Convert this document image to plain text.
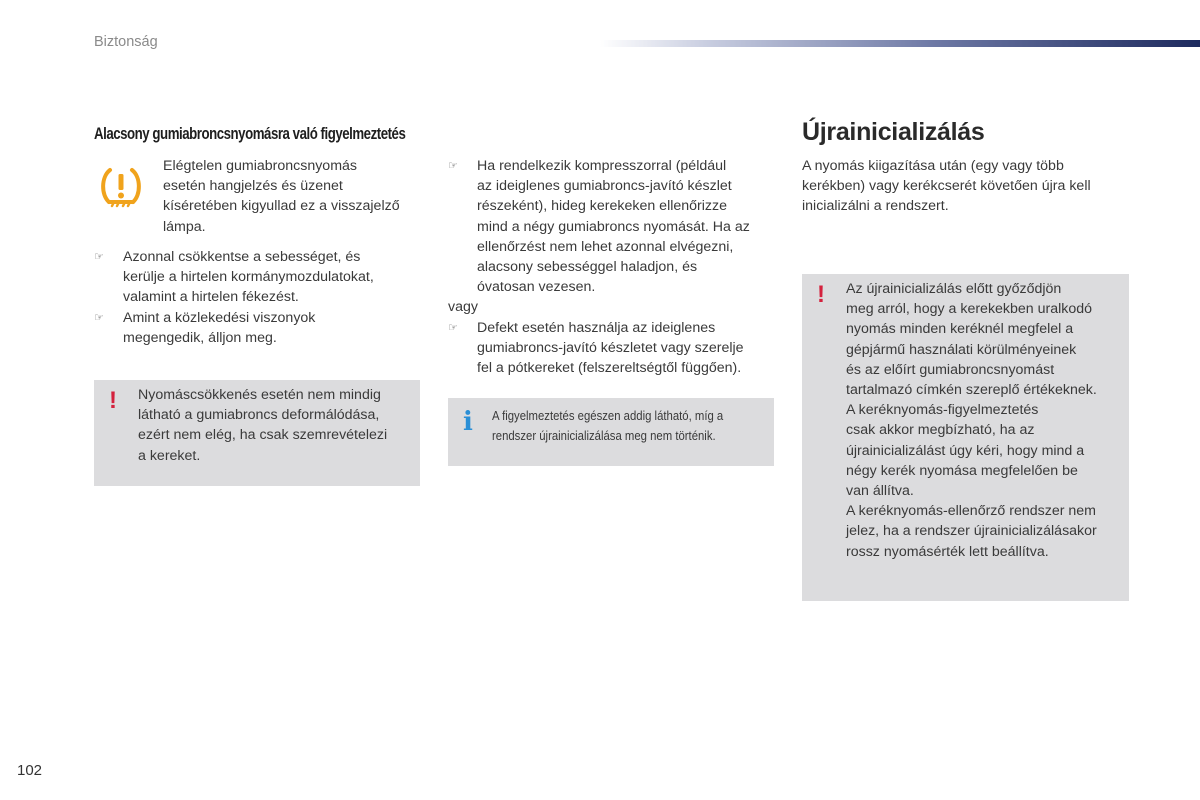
Biztonság
Alacsony gumiabroncsnyomásra való figyelmeztetés
Elégtelen gumiabroncsnyomás
esetén hangjelzés és üzenet
kíséretében kigyullad ez a visszajelző
lámpa.
☞ Azonnal csökkentse a sebességet, és
kerülje a hirtelen kormánymozdulatokat,
valamint a hirtelen fékezést.
☞ Amint a közlekedési viszonyok
megengedik, álljon meg.
! Nyomáscsökkenés esetén nem mindig
látható a gumiabroncs deformálódása,
ezért nem elég, ha csak szemrevételezi
a kereket.
☞ Ha rendelkezik kompresszorral (például
az ideiglenes gumiabroncs-javító készlet
részeként), hideg kerekeken ellenőrizze
mind a négy gumiabroncs nyomását. Ha az
ellenőrzést nem lehet azonnal elvégezni,
alacsony sebességgel haladjon, és
óvatosan vezesen.
vagy
☞ Defekt esetén használja az ideiglenes
gumiabroncs-javító készletet vagy szerelje
fel a pótkereket (felszereltségtől függően).
i A figyelmeztetés egészen addig látható, míg a
rendszer újrainicializálása meg nem történik.
Újrainicializálás
A nyomás kiigazítása után (egy vagy több
kerékben) vagy kerékcserét követően újra kell
inicializálni a rendszert.
! Az újrainicializálás előtt győződjön
meg arról, hogy a kerekekben uralkodó
nyomás minden keréknél megfelel a
gépjármű használati körülményeinek
és az előírt gumiabroncsnyomást
tartalmazó címkén szereplő értékeknek.
A keréknyomás-figyelmeztetés
csak akkor megbízható, ha az
újrainicializálást úgy kéri, hogy mind a
négy kerék nyomása megfelelően be
van állítva.
A keréknyomás-ellenőrző rendszer nem
jelez, ha a rendszer újrainicializálásakor
rossz nyomásérték lett beállítva.
102
